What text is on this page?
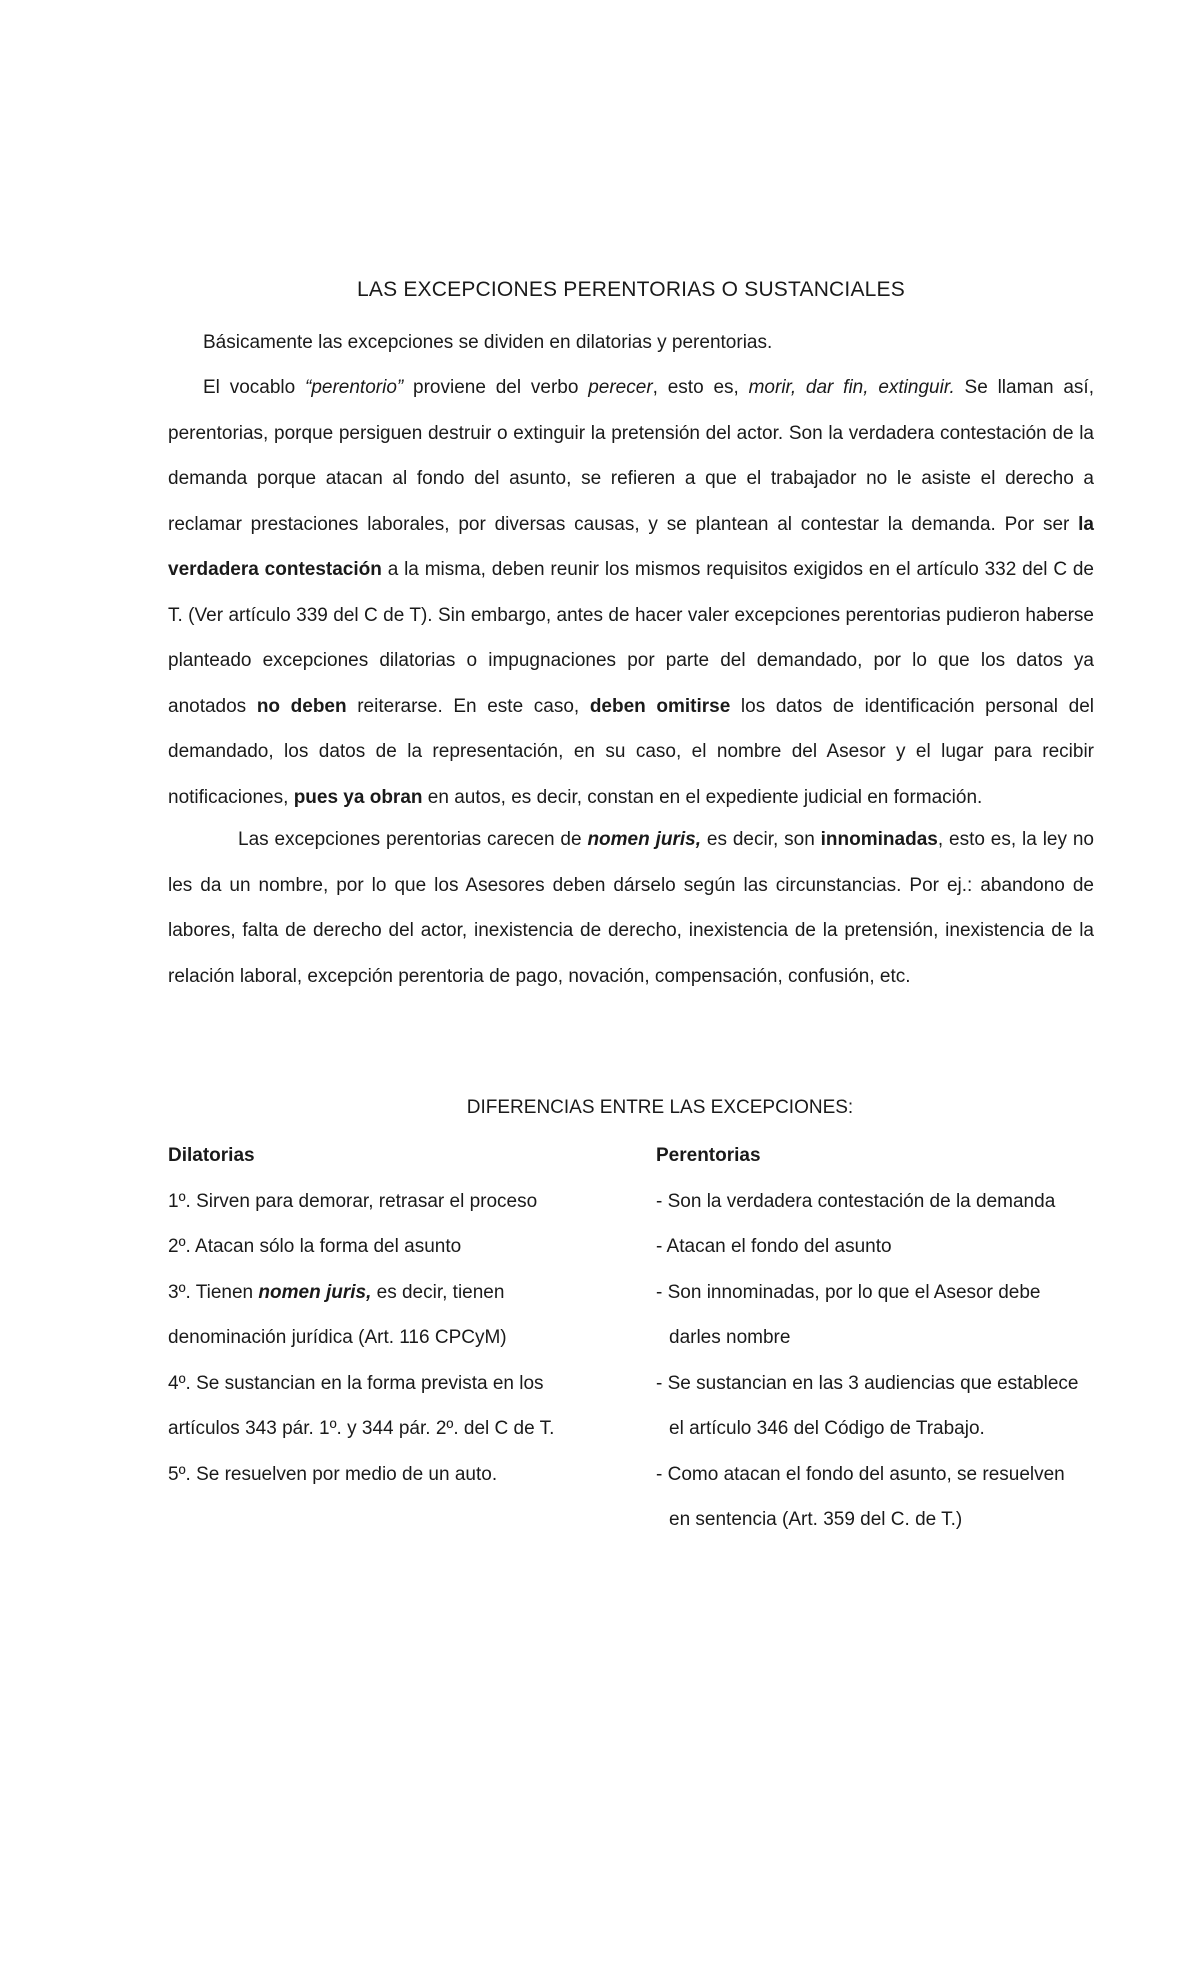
LAS EXCEPCIONES PERENTORIAS O SUSTANCIALES
Básicamente las excepciones se dividen en dilatorias y perentorias.
El vocablo “perentorio” proviene del verbo perecer, esto es, morir, dar fin, extinguir. Se llaman así, perentorias, porque persiguen destruir o extinguir la pretensión del actor. Son la verdadera contestación de la demanda porque atacan al fondo del asunto, se refieren a que el trabajador no le asiste el derecho a reclamar prestaciones laborales, por diversas causas, y se plantean al contestar la demanda. Por ser la verdadera contestación a la misma, deben reunir los mismos requisitos exigidos en el artículo 332 del C de T. (Ver artículo 339 del C de T). Sin embargo, antes de hacer valer excepciones perentorias pudieron haberse planteado excepciones dilatorias o impugnaciones por parte del demandado, por lo que los datos ya anotados no deben reiterarse. En este caso, deben omitirse los datos de identificación personal del demandado, los datos de la representación, en su caso, el nombre del Asesor y el lugar para recibir notificaciones, pues ya obran en autos, es decir, constan en el expediente judicial en formación.
Las excepciones perentorias carecen de nomen juris, es decir, son innominadas, esto es, la ley no les da un nombre, por lo que los Asesores deben dárselo según las circunstancias. Por ej.: abandono de labores, falta de derecho del actor, inexistencia de derecho, inexistencia de la pretensión, inexistencia de la relación laboral, excepción perentoria de pago, novación, compensación, confusión, etc.
DIFERENCIAS ENTRE LAS EXCEPCIONES:
Dilatorias
1º. Sirven para demorar, retrasar el proceso
2º. Atacan sólo la forma del asunto
3º. Tienen nomen juris, es decir, tienen
denominación jurídica (Art. 116 CPCyM)
4º. Se sustancian en la forma prevista en los
artículos 343 pár. 1º. y 344 pár. 2º. del C de T.
5º. Se resuelven por medio de un auto.
Perentorias
- Son la verdadera contestación de la demanda
- Atacan el fondo del asunto
- Son innominadas, por lo que el Asesor debe
darles nombre
- Se sustancian en las 3 audiencias que establece
el artículo 346 del Código de Trabajo.
- Como atacan el fondo del asunto, se resuelven
en sentencia (Art. 359 del C. de T.)
